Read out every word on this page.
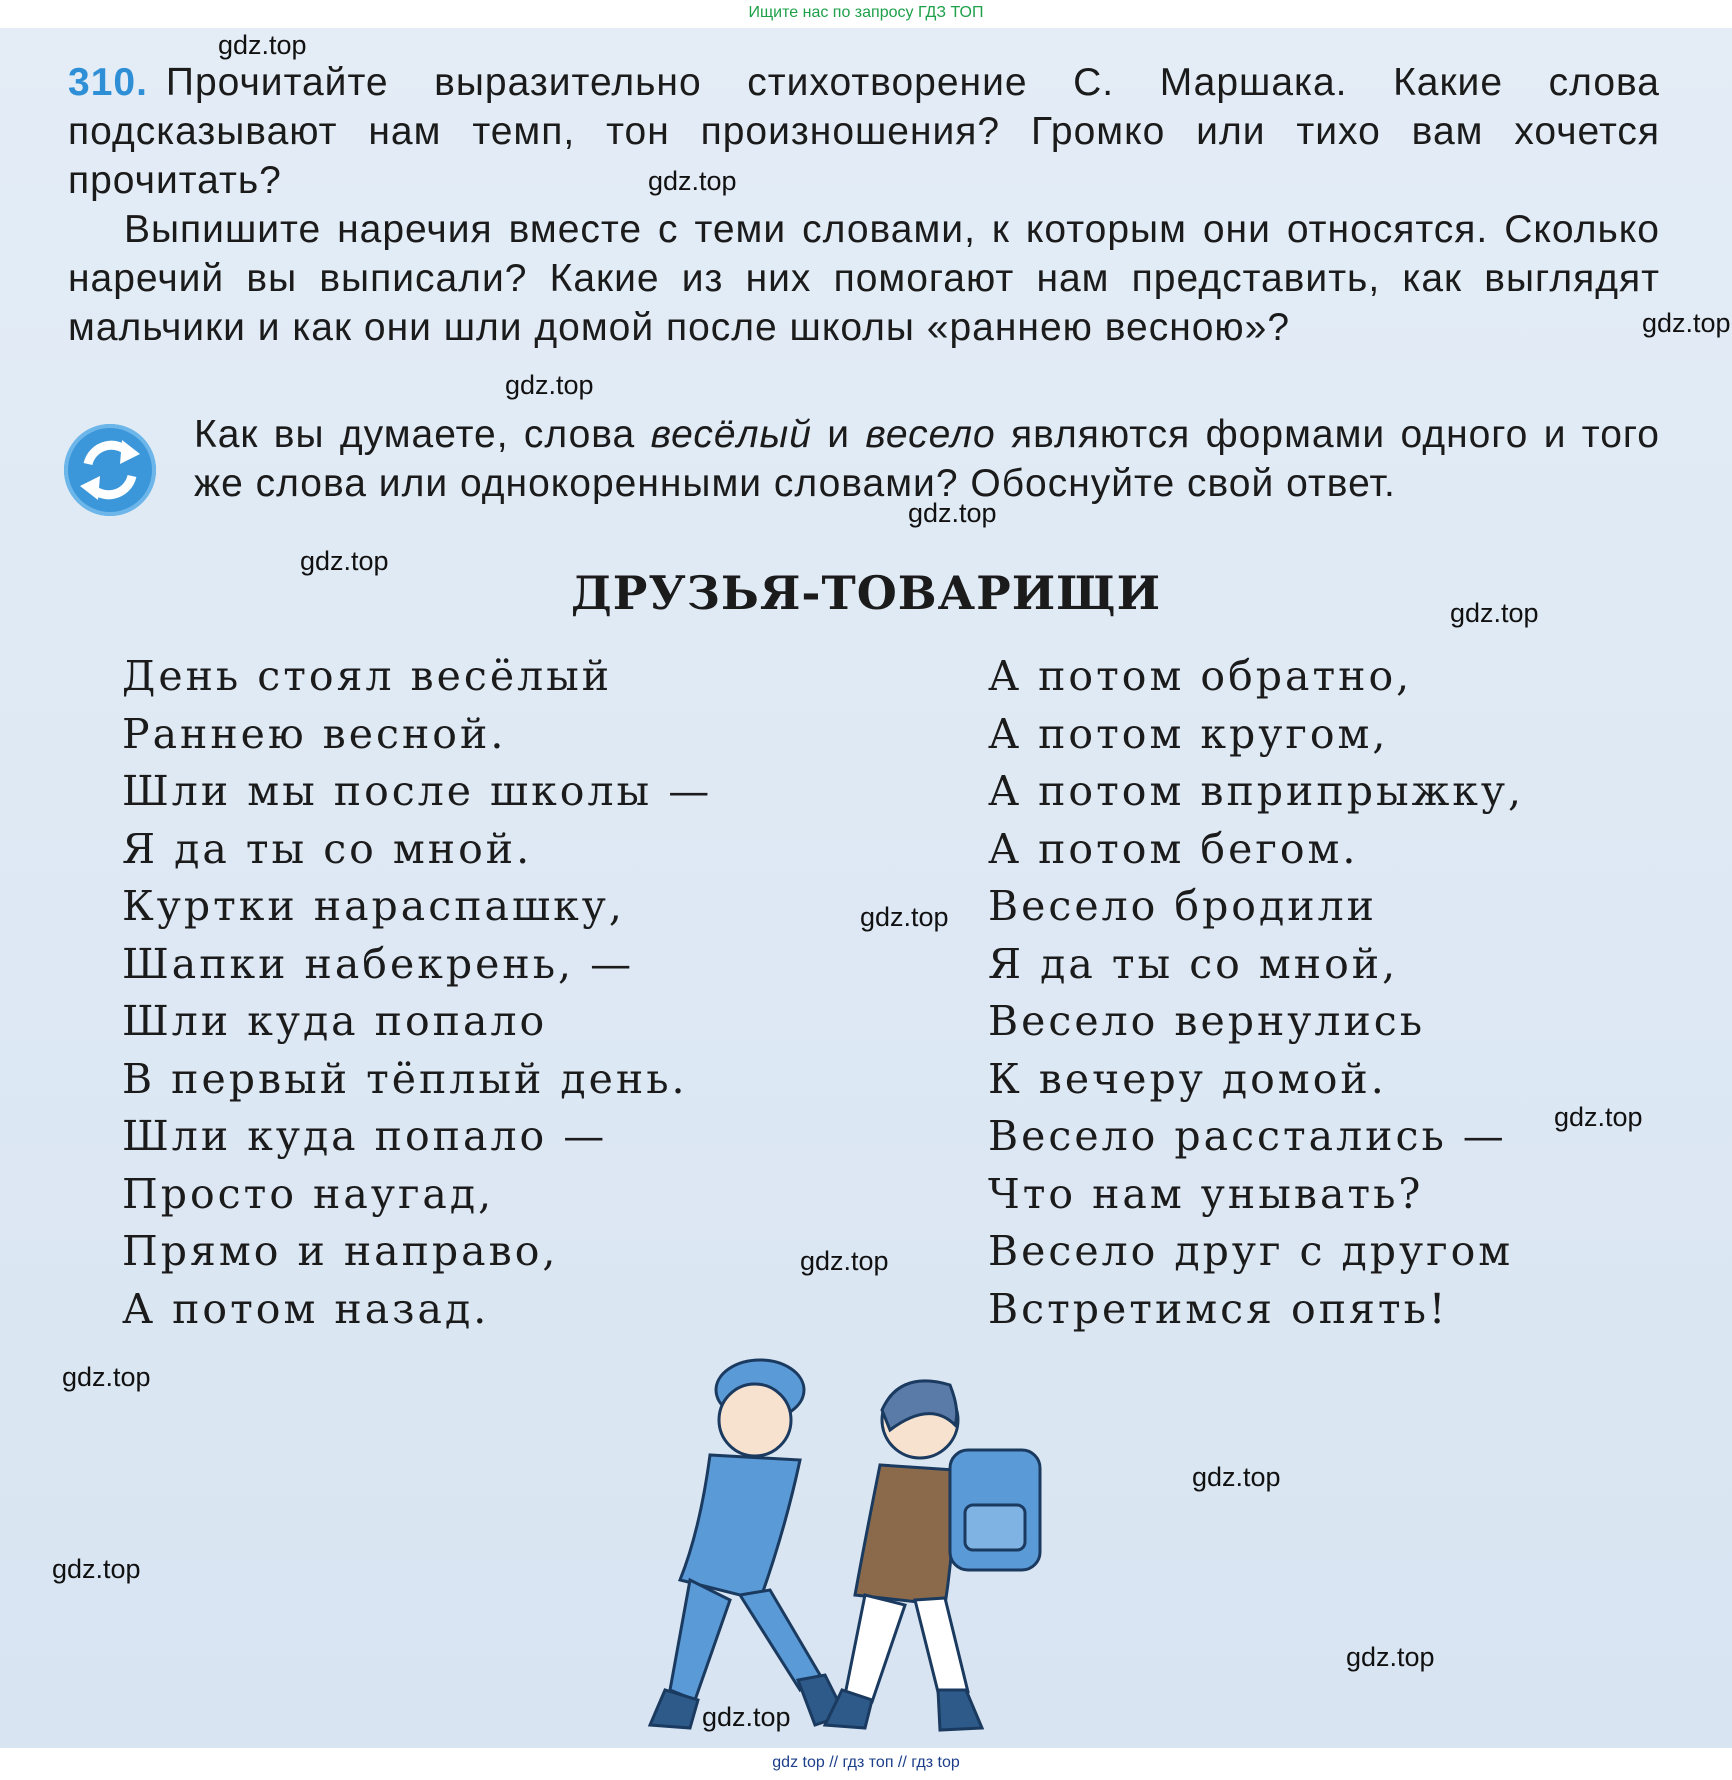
Ищите нас по запросу ГДЗ ТОП

310. Прочитайте выразительно стихотворение С. Маршака. Какие слова подсказывают нам темп, тон произношения? Громко или тихо вам хочется прочитать?

Выпишите наречия вместе с теми словами, к которым они относятся. Сколько наречий вы выписали? Какие из них помогают нам представить, как выглядят мальчики и как они шли домой после школы «раннею весною»?

Как вы думаете, слова весёлый и весело являются формами одного и того же слова или однокоренными словами? Обоснуйте свой ответ.

ДРУЗЬЯ-ТОВАРИЩИ
День стоял весёлый
Раннею весной.
Шли мы после школы —
Я да ты со мной.
Куртки нараспашку,
Шапки набекрень, —
Шли куда попало
В первый тёплый день.
Шли куда попало —
Просто наугад,
Прямо и направо,
А потом назад.
А потом обратно,
А потом кругом,
А потом вприпрыжку,
А потом бегом.
Весело бродили
Я да ты со мной,
Весело вернулись
К вечеру домой.
Весело расстались —
Что нам унывать?
Весело друг с другом
Встретимся опять!
gdz.top
gdz.top
gdz.top
gdz.top
gdz.top
gdz.top
gdz.top
gdz.top
gdz.top
gdz.top
gdz.top
gdz.top
gdz.top
gdz.top
gdz.top
gdz top // гдз топ // гдз top
